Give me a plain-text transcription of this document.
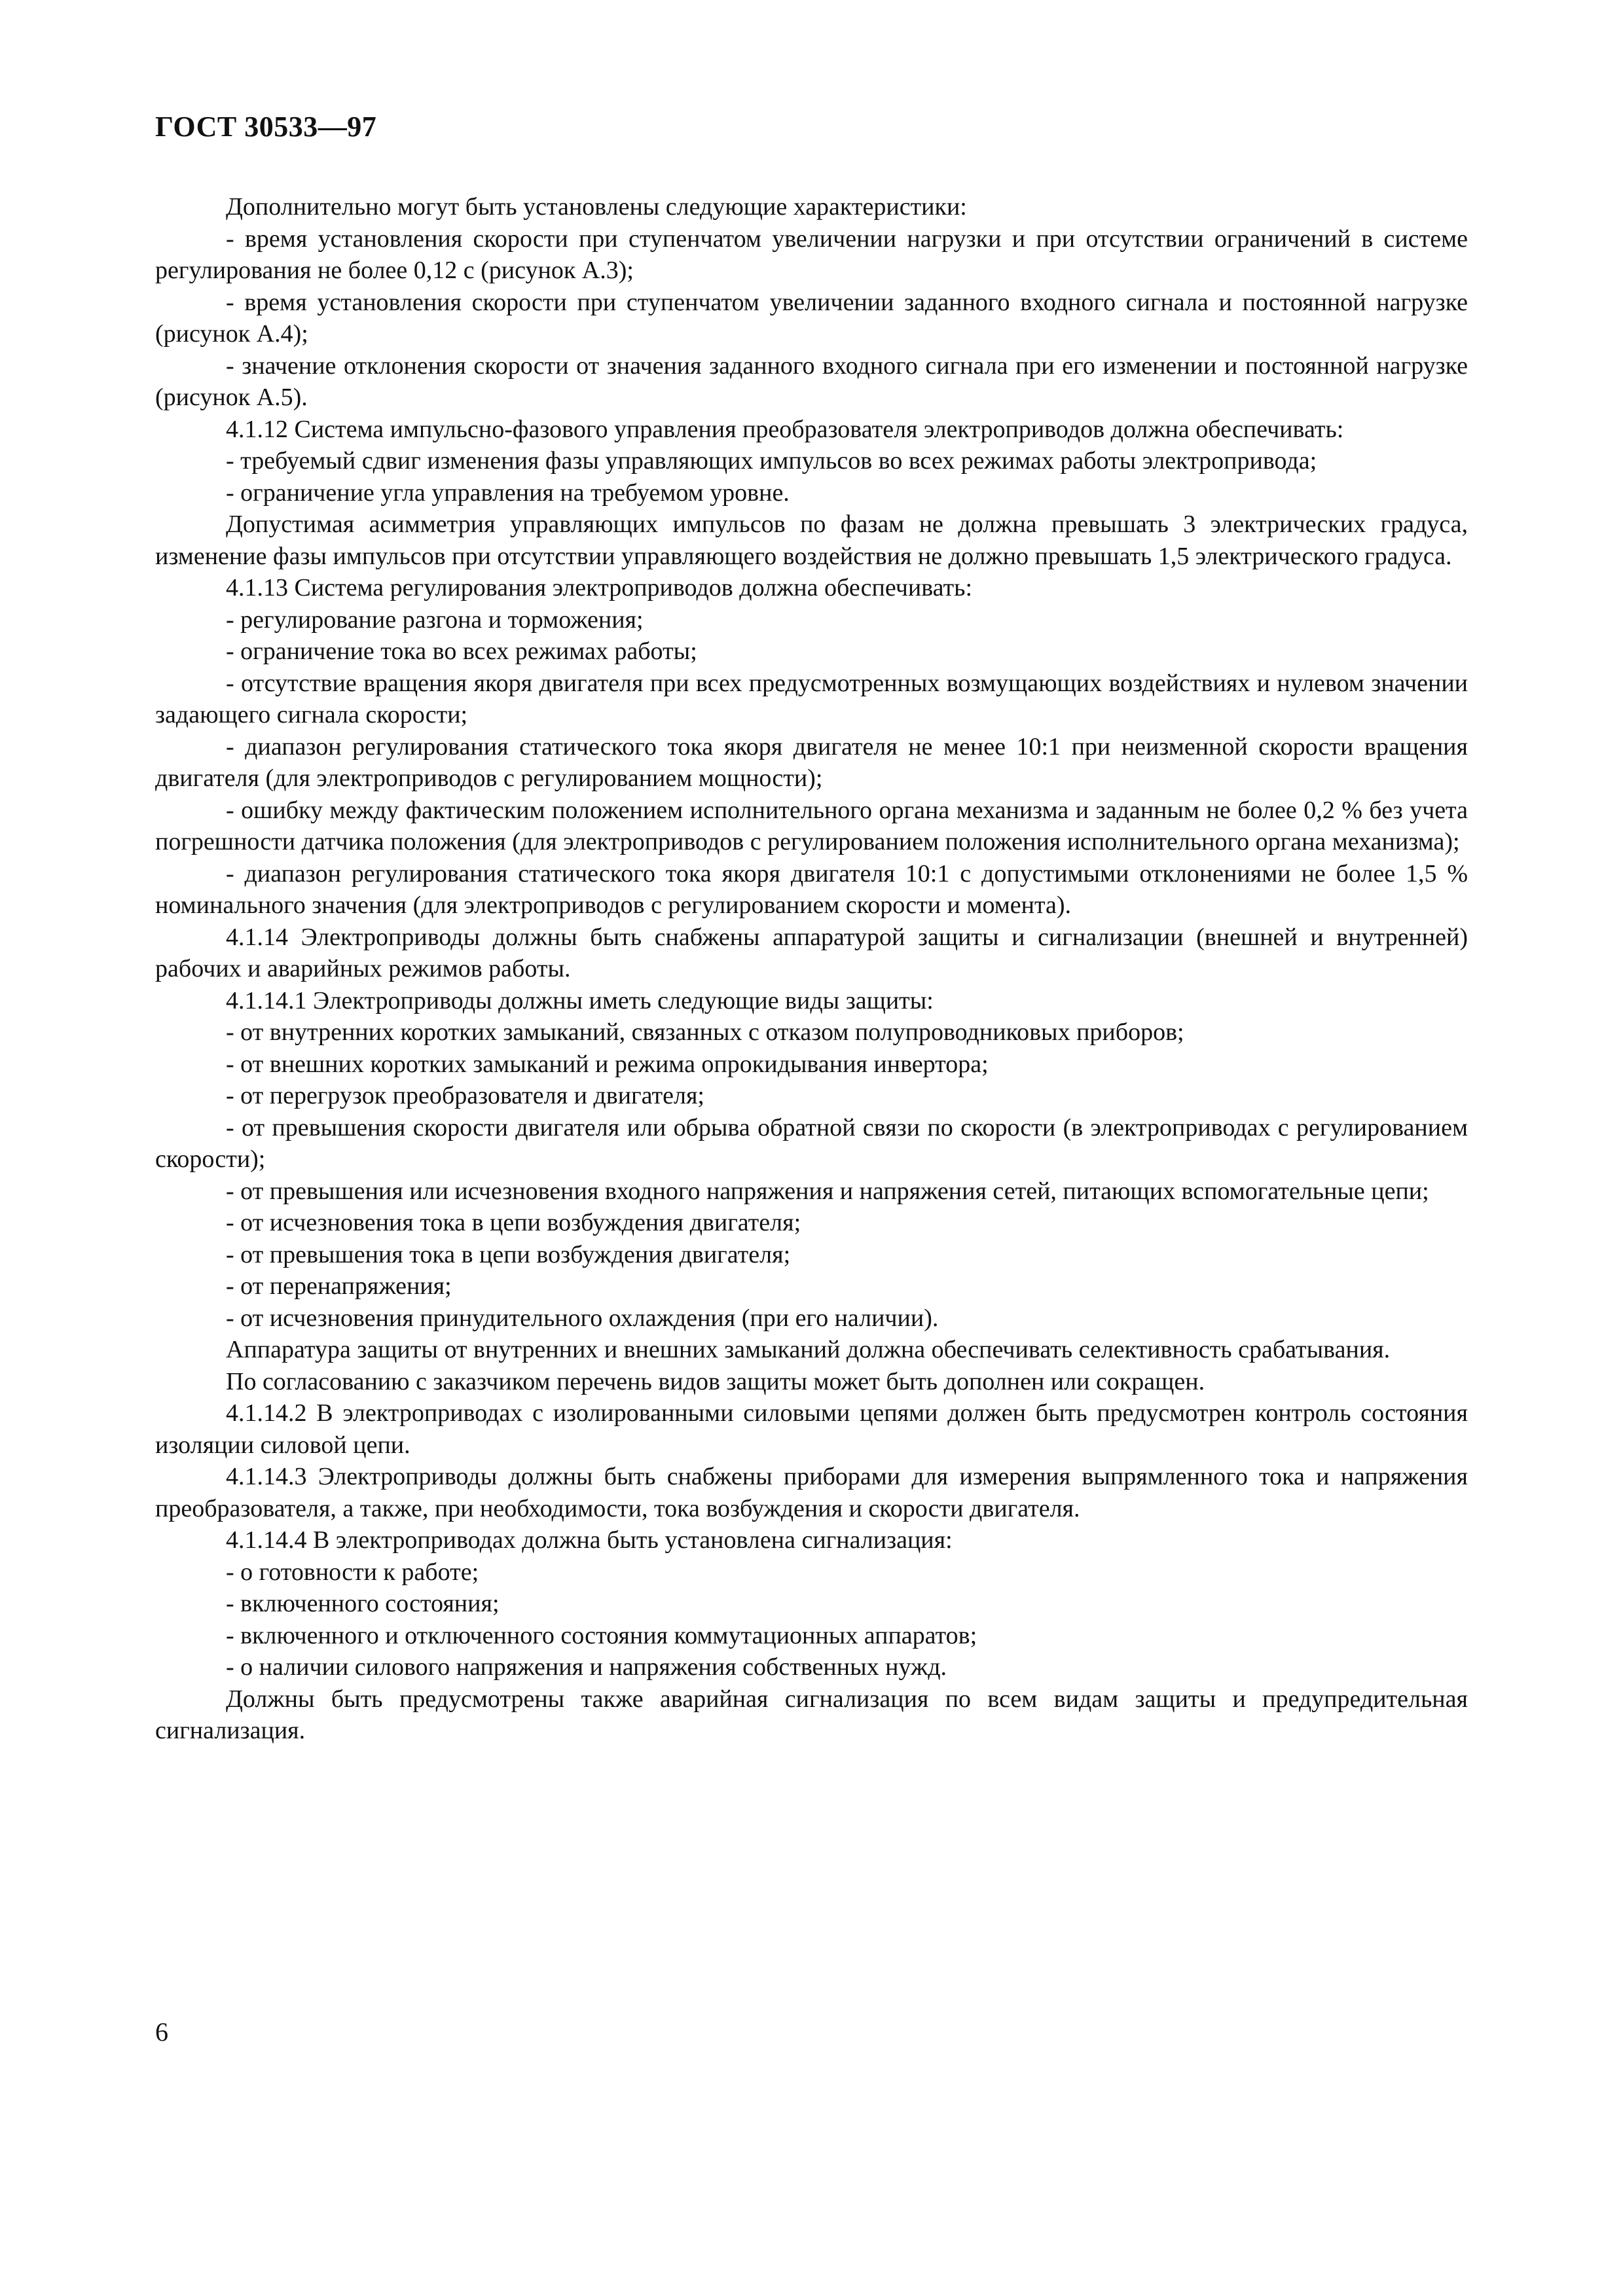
ГОСТ 30533—97

Дополнительно могут быть установлены следующие характеристики:

- время установления скорости при ступенчатом увеличении нагрузки и при отсутствии ограничений в системе регулирования не более 0,12 с (рисунок А.3);

- время установления скорости при ступенчатом увеличении заданного входного сигнала и постоянной нагрузке (рисунок А.4);

- значение отклонения скорости от значения заданного входного сигнала при его изменении и постоянной нагрузке (рисунок А.5).

4.1.12 Система импульсно-фазового управления преобразователя электроприводов должна обеспечивать:

- требуемый сдвиг изменения фазы управляющих импульсов во всех режимах работы электропривода;

- ограничение угла управления на требуемом уровне.

Допустимая асимметрия управляющих импульсов по фазам не должна превышать 3 электрических градуса, изменение фазы импульсов при отсутствии управляющего воздействия не должно превышать 1,5 электрического градуса.

4.1.13 Система регулирования электроприводов должна обеспечивать:

- регулирование разгона и торможения;

- ограничение тока во всех режимах работы;

- отсутствие вращения якоря двигателя при всех предусмотренных возмущающих воздействиях и нулевом значении задающего сигнала скорости;

- диапазон регулирования статического тока якоря двигателя не менее 10:1 при неизменной скорости вращения двигателя (для электроприводов с регулированием мощности);

- ошибку между фактическим положением исполнительного органа механизма и заданным не более 0,2 % без учета погрешности датчика положения (для электроприводов с регулированием положения исполнительного органа механизма);

- диапазон регулирования статического тока якоря двигателя 10:1 с допустимыми отклонениями не более 1,5 % номинального значения (для электроприводов с регулированием скорости и момента).

4.1.14 Электроприводы должны быть снабжены аппаратурой защиты и сигнализации (внешней и внутренней) рабочих и аварийных режимов работы.

4.1.14.1 Электроприводы должны иметь следующие виды защиты:

- от внутренних коротких замыканий, связанных с отказом полупроводниковых приборов;

- от внешних коротких замыканий и режима опрокидывания инвертора;

- от перегрузок преобразователя и двигателя;

- от превышения скорости двигателя или обрыва обратной связи по скорости (в электроприводах с регулированием скорости);

- от превышения или исчезновения входного напряжения и напряжения сетей, питающих вспомогательные цепи;

- от исчезновения тока в цепи возбуждения двигателя;

- от превышения тока в цепи возбуждения двигателя;

- от перенапряжения;

- от исчезновения принудительного охлаждения (при его наличии).

Аппаратура защиты от внутренних и внешних замыканий должна обеспечивать селективность срабатывания.

По согласованию с заказчиком перечень видов защиты может быть дополнен или сокращен.

4.1.14.2 В электроприводах с изолированными силовыми цепями должен быть предусмотрен контроль состояния изоляции силовой цепи.

4.1.14.3 Электроприводы должны быть снабжены приборами для измерения выпрямленного тока и напряжения преобразователя, а также, при необходимости, тока возбуждения и скорости двигателя.

4.1.14.4 В электроприводах должна быть установлена сигнализация:

- о готовности к работе;

- включенного состояния;

- включенного и отключенного состояния коммутационных аппаратов;

- о наличии силового напряжения и напряжения собственных нужд.

Должны быть предусмотрены также аварийная сигнализация по всем видам защиты и предупредительная сигнализация.

6
